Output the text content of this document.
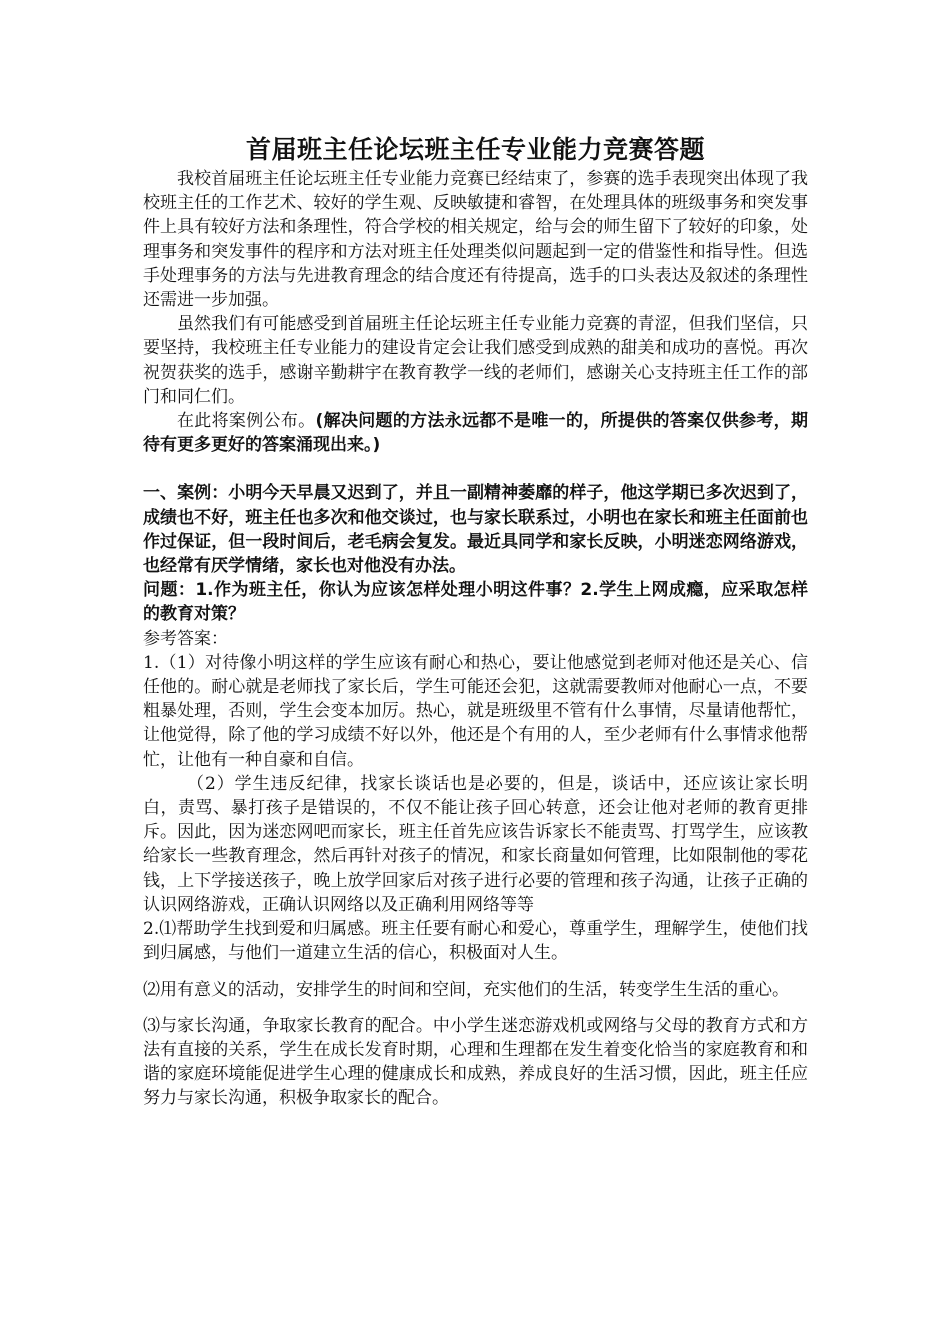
首届班主任论坛班主任专业能力竞赛答题

我校首届班主任论坛班主任专业能力竞赛已经结束了，参赛的选手表现突出体现了我校班主任的工作艺术、较好的学生观、反映敏捷和睿智，在处理具体的班级事务和突发事件上具有较好方法和条理性，符合学校的相关规定，给与会的师生留下了较好的印象，处理事务和突发事件的程序和方法对班主任处理类似问题起到一定的借鉴性和指导性。但选手处理事务的方法与先进教育理念的结合度还有待提高，选手的口头表达及叙述的条理性还需进一步加强。

虽然我们有可能感受到首届班主任论坛班主任专业能力竞赛的青涩，但我们坚信，只要坚持，我校班主任专业能力的建设肯定会让我们感受到成熟的甜美和成功的喜悦。再次祝贺获奖的选手，感谢辛勤耕宇在教育教学一线的老师们，感谢关心支持班主任工作的部门和同仁们。

在此将案例公布。(解决问题的方法永远都不是唯一的，所提供的答案仅供参考，期待有更多更好的答案涌现出来。)

一、案例：小明今天早晨又迟到了，并且一副精神萎靡的样子，他这学期已多次迟到了，成绩也不好，班主任也多次和他交谈过，也与家长联系过，小明也在家长和班主任面前也作过保证，但一段时间后，老毛病会复发。最近具同学和家长反映，小明迷恋网络游戏，也经常有厌学情绪，家长也对他没有办法。

问题：1.作为班主任，你认为应该怎样处理小明这件事？2.学生上网成瘾，应采取怎样的教育对策？

参考答案：

1.（1）对待像小明这样的学生应该有耐心和热心，要让他感觉到老师对他还是关心、信任他的。耐心就是老师找了家长后，学生可能还会犯，这就需要教师对他耐心一点，不要粗暴处理，否则，学生会变本加厉。热心，就是班级里不管有什么事情，尽量请他帮忙，让他觉得，除了他的学习成绩不好以外，他还是个有用的人，至少老师有什么事情求他帮忙，让他有一种自豪和自信。

（2）学生违反纪律，找家长谈话也是必要的，但是，谈话中，还应该让家长明白，责骂、暴打孩子是错误的，不仅不能让孩子回心转意，还会让他对老师的教育更排斥。因此，因为迷恋网吧而家长，班主任首先应该告诉家长不能责骂、打骂学生，应该教给家长一些教育理念，然后再针对孩子的情况，和家长商量如何管理，比如限制他的零花钱，上下学接送孩子，晚上放学回家后对孩子进行必要的管理和孩子沟通，让孩子正确的认识网络游戏，正确认识网络以及正确利用网络等等

2.⑴帮助学生找到爱和归属感。班主任要有耐心和爱心，尊重学生，理解学生，使他们找到归属感，与他们一道建立生活的信心，积极面对人生。

⑵用有意义的活动，安排学生的时间和空间，充实他们的生活，转变学生生活的重心。

⑶与家长沟通，争取家长教育的配合。中小学生迷恋游戏机或网络与父母的教育方式和方法有直接的关系，学生在成长发育时期，心理和生理都在发生着变化恰当的家庭教育和和谐的家庭环境能促进学生心理的健康成长和成熟，养成良好的生活习惯，因此，班主任应努力与家长沟通，积极争取家长的配合。
